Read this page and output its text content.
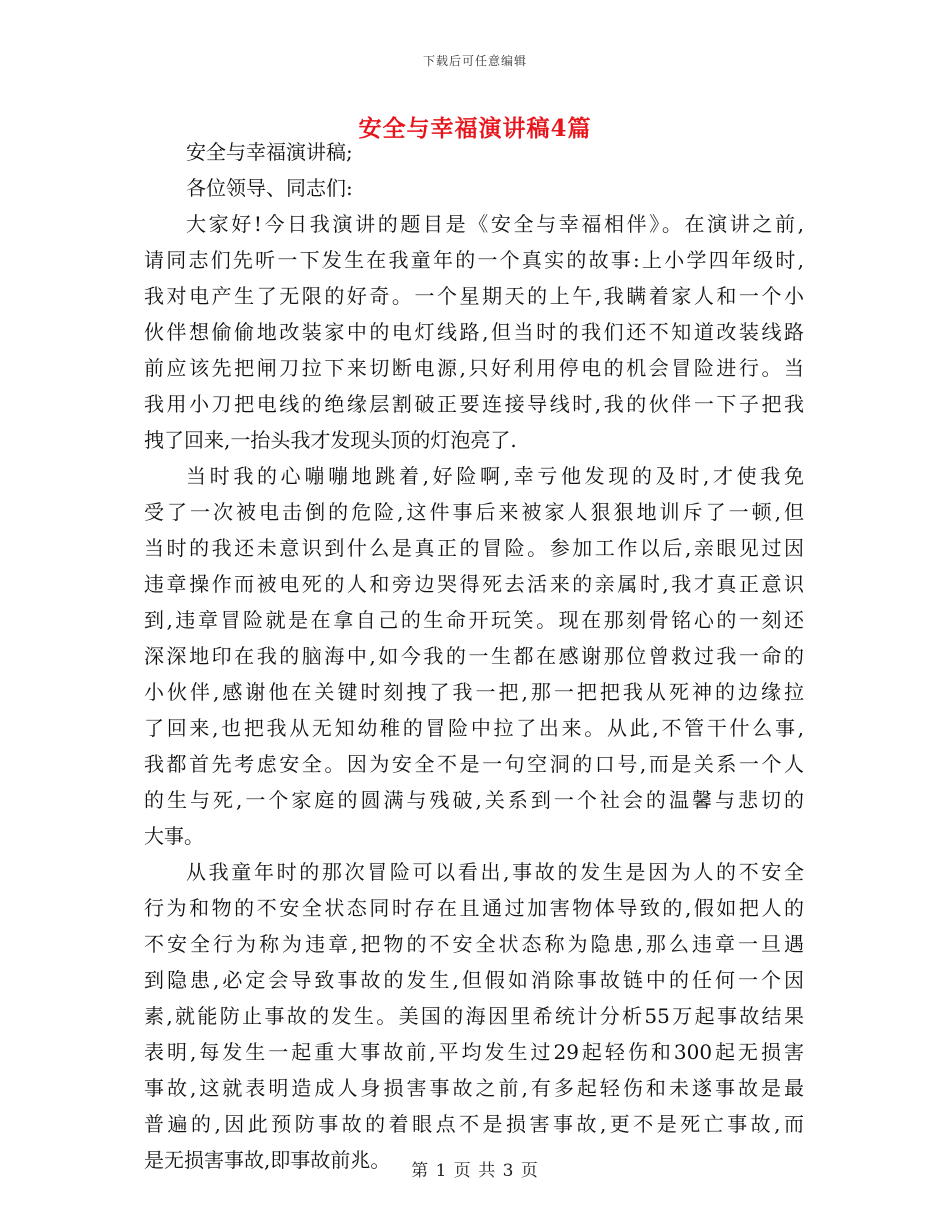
下载后可任意编辑
安全与幸福演讲稿4篇

安全与幸福演讲稿;

各位领导、同志们:

大家好!今日我演讲的题目是《安全与幸福相伴》。在演讲之前,

请同志们先听一下发生在我童年的一个真实的故事:上小学四年级时,

我对电产生了无限的好奇。一个星期天的上午,我瞒着家人和一个小

伙伴想偷偷地改装家中的电灯线路,但当时的我们还不知道改装线路

前应该先把闸刀拉下来切断电源,只好利用停电的机会冒险进行。当

我用小刀把电线的绝缘层割破正要连接导线时,我的伙伴一下子把我

拽了回来,一抬头我才发现头顶的灯泡亮了.

当时我的心嘣嘣地跳着,好险啊,幸亏他发现的及时,才使我免

受了一次被电击倒的危险,这件事后来被家人狠狠地训斥了一顿,但

当时的我还未意识到什么是真正的冒险。参加工作以后,亲眼见过因

违章操作而被电死的人和旁边哭得死去活来的亲属时,我才真正意识

到,违章冒险就是在拿自己的生命开玩笑。现在那刻骨铭心的一刻还

深深地印在我的脑海中,如今我的一生都在感谢那位曾救过我一命的

小伙伴,感谢他在关键时刻拽了我一把,那一把把我从死神的边缘拉

了回来,也把我从无知幼稚的冒险中拉了出来。从此,不管干什么事,

我都首先考虑安全。因为安全不是一句空洞的口号,而是关系一个人

的生与死,一个家庭的圆满与残破,关系到一个社会的温馨与悲切的

大事。

从我童年时的那次冒险可以看出,事故的发生是因为人的不安全

行为和物的不安全状态同时存在且通过加害物体导致的,假如把人的

不安全行为称为违章,把物的不安全状态称为隐患,那么违章一旦遇

到隐患,必定会导致事故的发生,但假如消除事故链中的任何一个因

素,就能防止事故的发生。美国的海因里希统计分析55万起事故结果

表明,每发生一起重大事故前,平均发生过29起轻伤和300起无损害

事故,这就表明造成人身损害事故之前,有多起轻伤和未遂事故是最

普遍的,因此预防事故的着眼点不是损害事故,更不是死亡事故,而

是无损害事故,即事故前兆。	第 1 页 共 3 页
